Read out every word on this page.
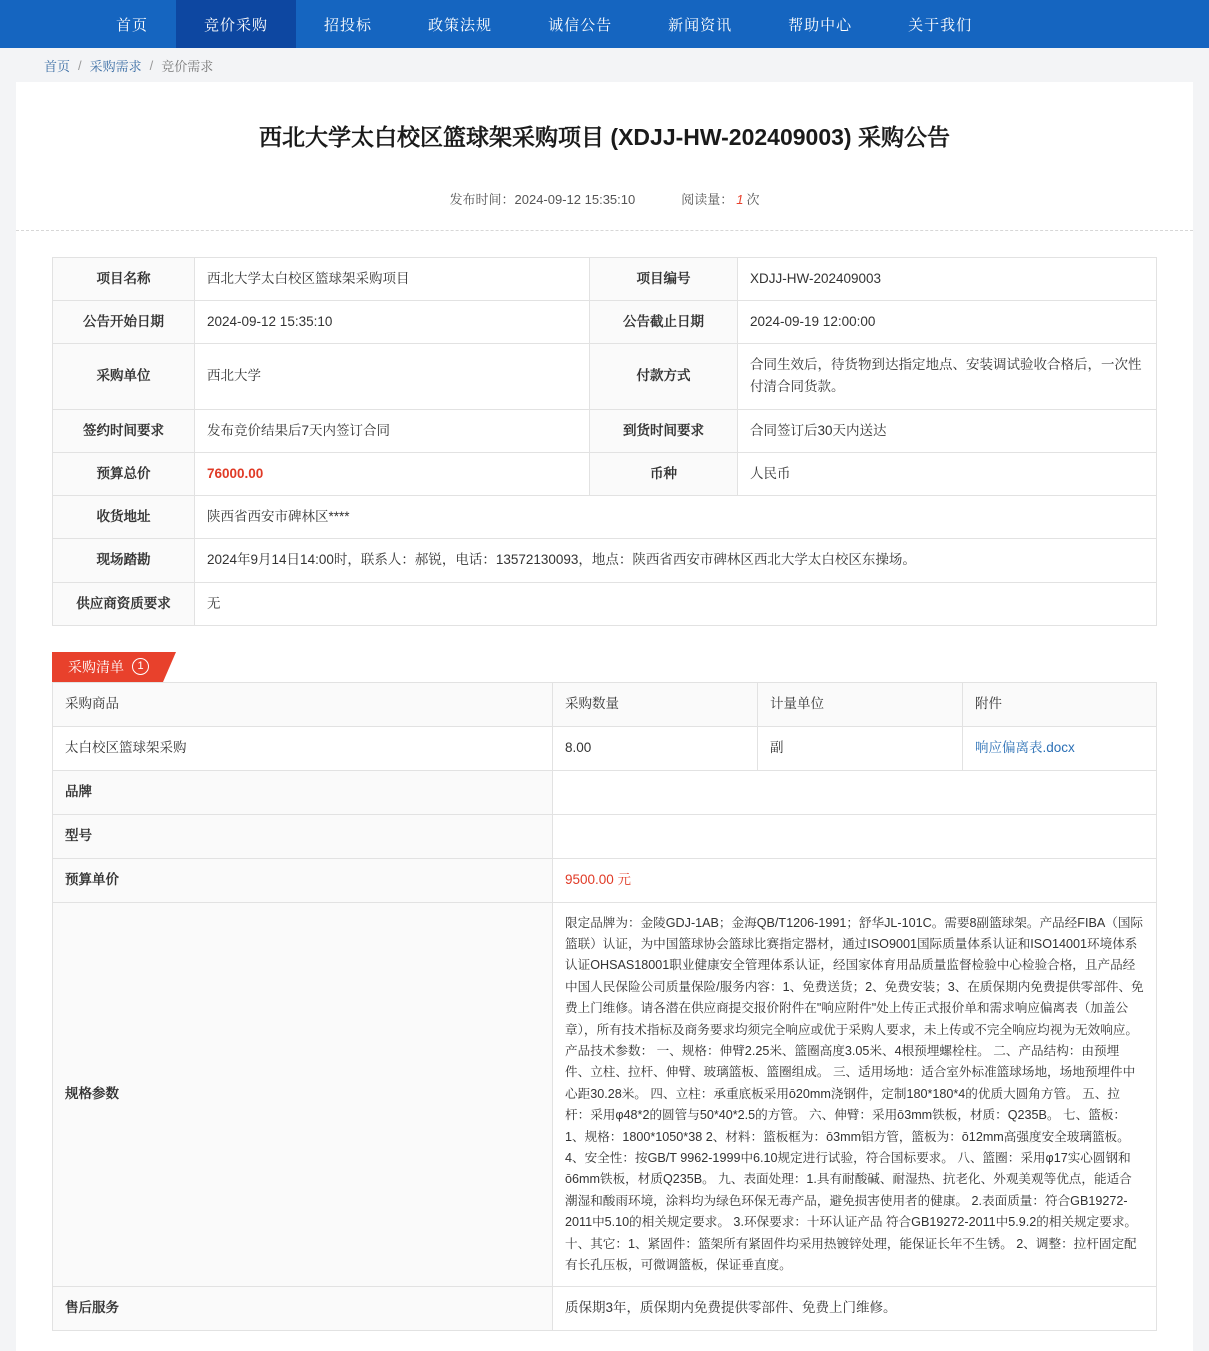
首页	竞价采购	招投标	政策法规	诚信公告	新闻资讯	帮助中心	关于我们
首页 / 采购需求 / 竞价需求
西北大学太白校区篮球架采购项目 (XDJJ-HW-202409003) 采购公告
发布时间：2024-09-12 15:35:10	阅读量： 1 次
项目名称	西北大学太白校区篮球架采购项目	项目编号	XDJJ-HW-202409003
公告开始日期	2024-09-12 15:35:10	公告截止日期	2024-09-19 12:00:00
采购单位	西北大学	付款方式	合同生效后，待货物到达指定地点、安装调试验收合格后，一次性付清合同货款。
签约时间要求	发布竞价结果后7天内签订合同	到货时间要求	合同签订后30天内送达
预算总价	76000.00	币种	人民币
收货地址	陕西省西安市碑林区****		
现场踏勘	2024年9月14日14:00时，联系人：郝锐，电话：13572130093，地点：陕西省西安市碑林区西北大学太白校区东操场。		
供应商资质要求	无		
采购清单	1
采购商品	采购数量	计量单位	附件
太白校区篮球架采购	8.00	副	响应偏离表.docx
品牌			
型号			
预算单价	9500.00 元		
规格参数	限定品牌为：金陵GDJ-1AB；金海QB/T1206-1991；舒华JL-101C。需要8副篮球架。产品经FIBA（国际篮联）认证，为中国篮球协会篮球比赛指定器材，通过ISO9001国际质量体系认证和ISO14001环境体系认证OHSAS18001职业健康安全管理体系认证，经国家体育用品质量监督检验中心检验合格，且产品经中国人民保险公司质量保险/服务内容：1、免费送货；2、免费安装；3、在质保期内免费提供零部件、免费上门维修。请各潜在供应商提交报价附件在"响应附件"处上传正式报价单和需求响应偏离表（加盖公章），所有技术指标及商务要求均须完全响应或优于采购人要求，未上传或不完全响应均视为无效响应。 产品技术参数： 一、规格：伸臂2.25米、篮圈高度3.05米、4根预埋螺栓柱。 二、产品结构：由预埋件、立柱、拉杆、伸臂、玻璃篮板、篮圈组成。 三、适用场地：适合室外标准篮球场地，场地预埋件中心距30.28米。 四、立柱：承重底板采用ō20mm浇钢件，定制180*180*4的优质大圆角方管。 五、拉杆：采用φ48*2的圆管与50*40*2.5的方管。 六、伸臂：采用ō3mm铁板，材质：Q235B。 七、篮板：1、规格：1800*1050*38 2、材料：篮板框为：ō3mm铝方管，篮板为：ō12mm高强度安全玻璃篮板。 4、安全性：按GB/T 9962-1999中6.10规定进行试验，符合国标要求。 八、篮圈：采用φ17实心圆钢和ō6mm铁板，材质Q235B。 九、表面处理：1.具有耐酸碱、耐湿热、抗老化、外观美观等优点，能适合潮湿和酸雨环境，涂料均为绿色环保无毒产品，避免损害使用者的健康。 2.表面质量：符合GB19272-2011中5.10的相关规定要求。 3.环保要求：十环认证产品 符合GB19272-2011中5.9.2的相关规定要求。 十、其它：1、紧固件：篮架所有紧固件均采用热镀锌处理，能保证长年不生锈。 2、调整：拉杆固定配有长孔压板，可微调篮板，保证垂直度。		
售后服务	质保期3年，质保期内免费提供零部件、免费上门维修。		
